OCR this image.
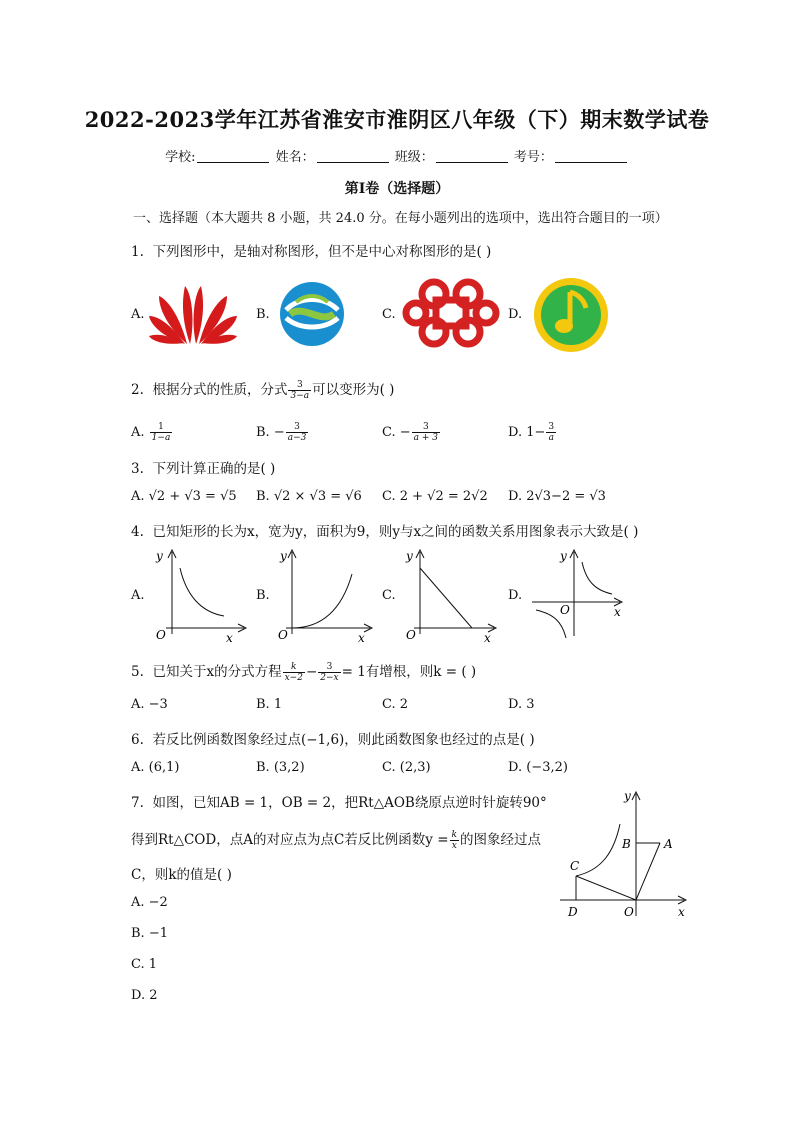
2022-2023学年江苏省淮安市淮阴区八年级（下）期末数学试卷
学校:	姓名：	班级：	考号：
第Ⅰ卷（选择题）
一、选择题（本大题共 8 小题，共 24.0 分。在每小题列出的选项中，选出符合题目的一项）
1. 下列图形中，是轴对称图形，但不是中心对称图形的是( )
A.	B.	C.	D.
2. 根据分式的性质，分式 $\frac{3}{3-a}$ 可以变形为( )
A. $\frac{1}{1-a}$	B. − $\frac{3}{a-3}$	C. − $\frac{3}{a + 3}$	D. $1- \frac{3}{a}$
3. 下列计算正确的是( )
A. √2 + √3 = √5 B. √2 × √3 = √6 C. 2 + √2 = 2√2 D. 2√3−2 = √3
4. 已知矩形的长为x，宽为y，面积为9，则y与x之间的函数关系用图象表示大致是( )
A.
y
x
O
B.
y
x
O
C.
y
x
O
D.
y
x
O
5. 已知关于x的分式方程 $\frac{k}{x-2} - \frac{3}{2-x} = 1$有增根，则k = ( )
A. −3	B. 1	C. 2	D. 3
6. 若反比例函数图象经过点(−1,6)，则此函数图象也经过的点是( )
A. (6,1)	B. (3,2)	C. (2,3)	D. (−3,2)
7. 如图，已知AB = 1，OB = 2，把Rt△AOB绕原点逆时针旋转90°
得到Rt△COD，点A的对应点为点C若反比例函数$y = \frac{k}{x}$ 的图象经过点
C，则k的值是( )
A. −2
B. −1
C. 1
D. 2
y
x
B	A
C
D	O
